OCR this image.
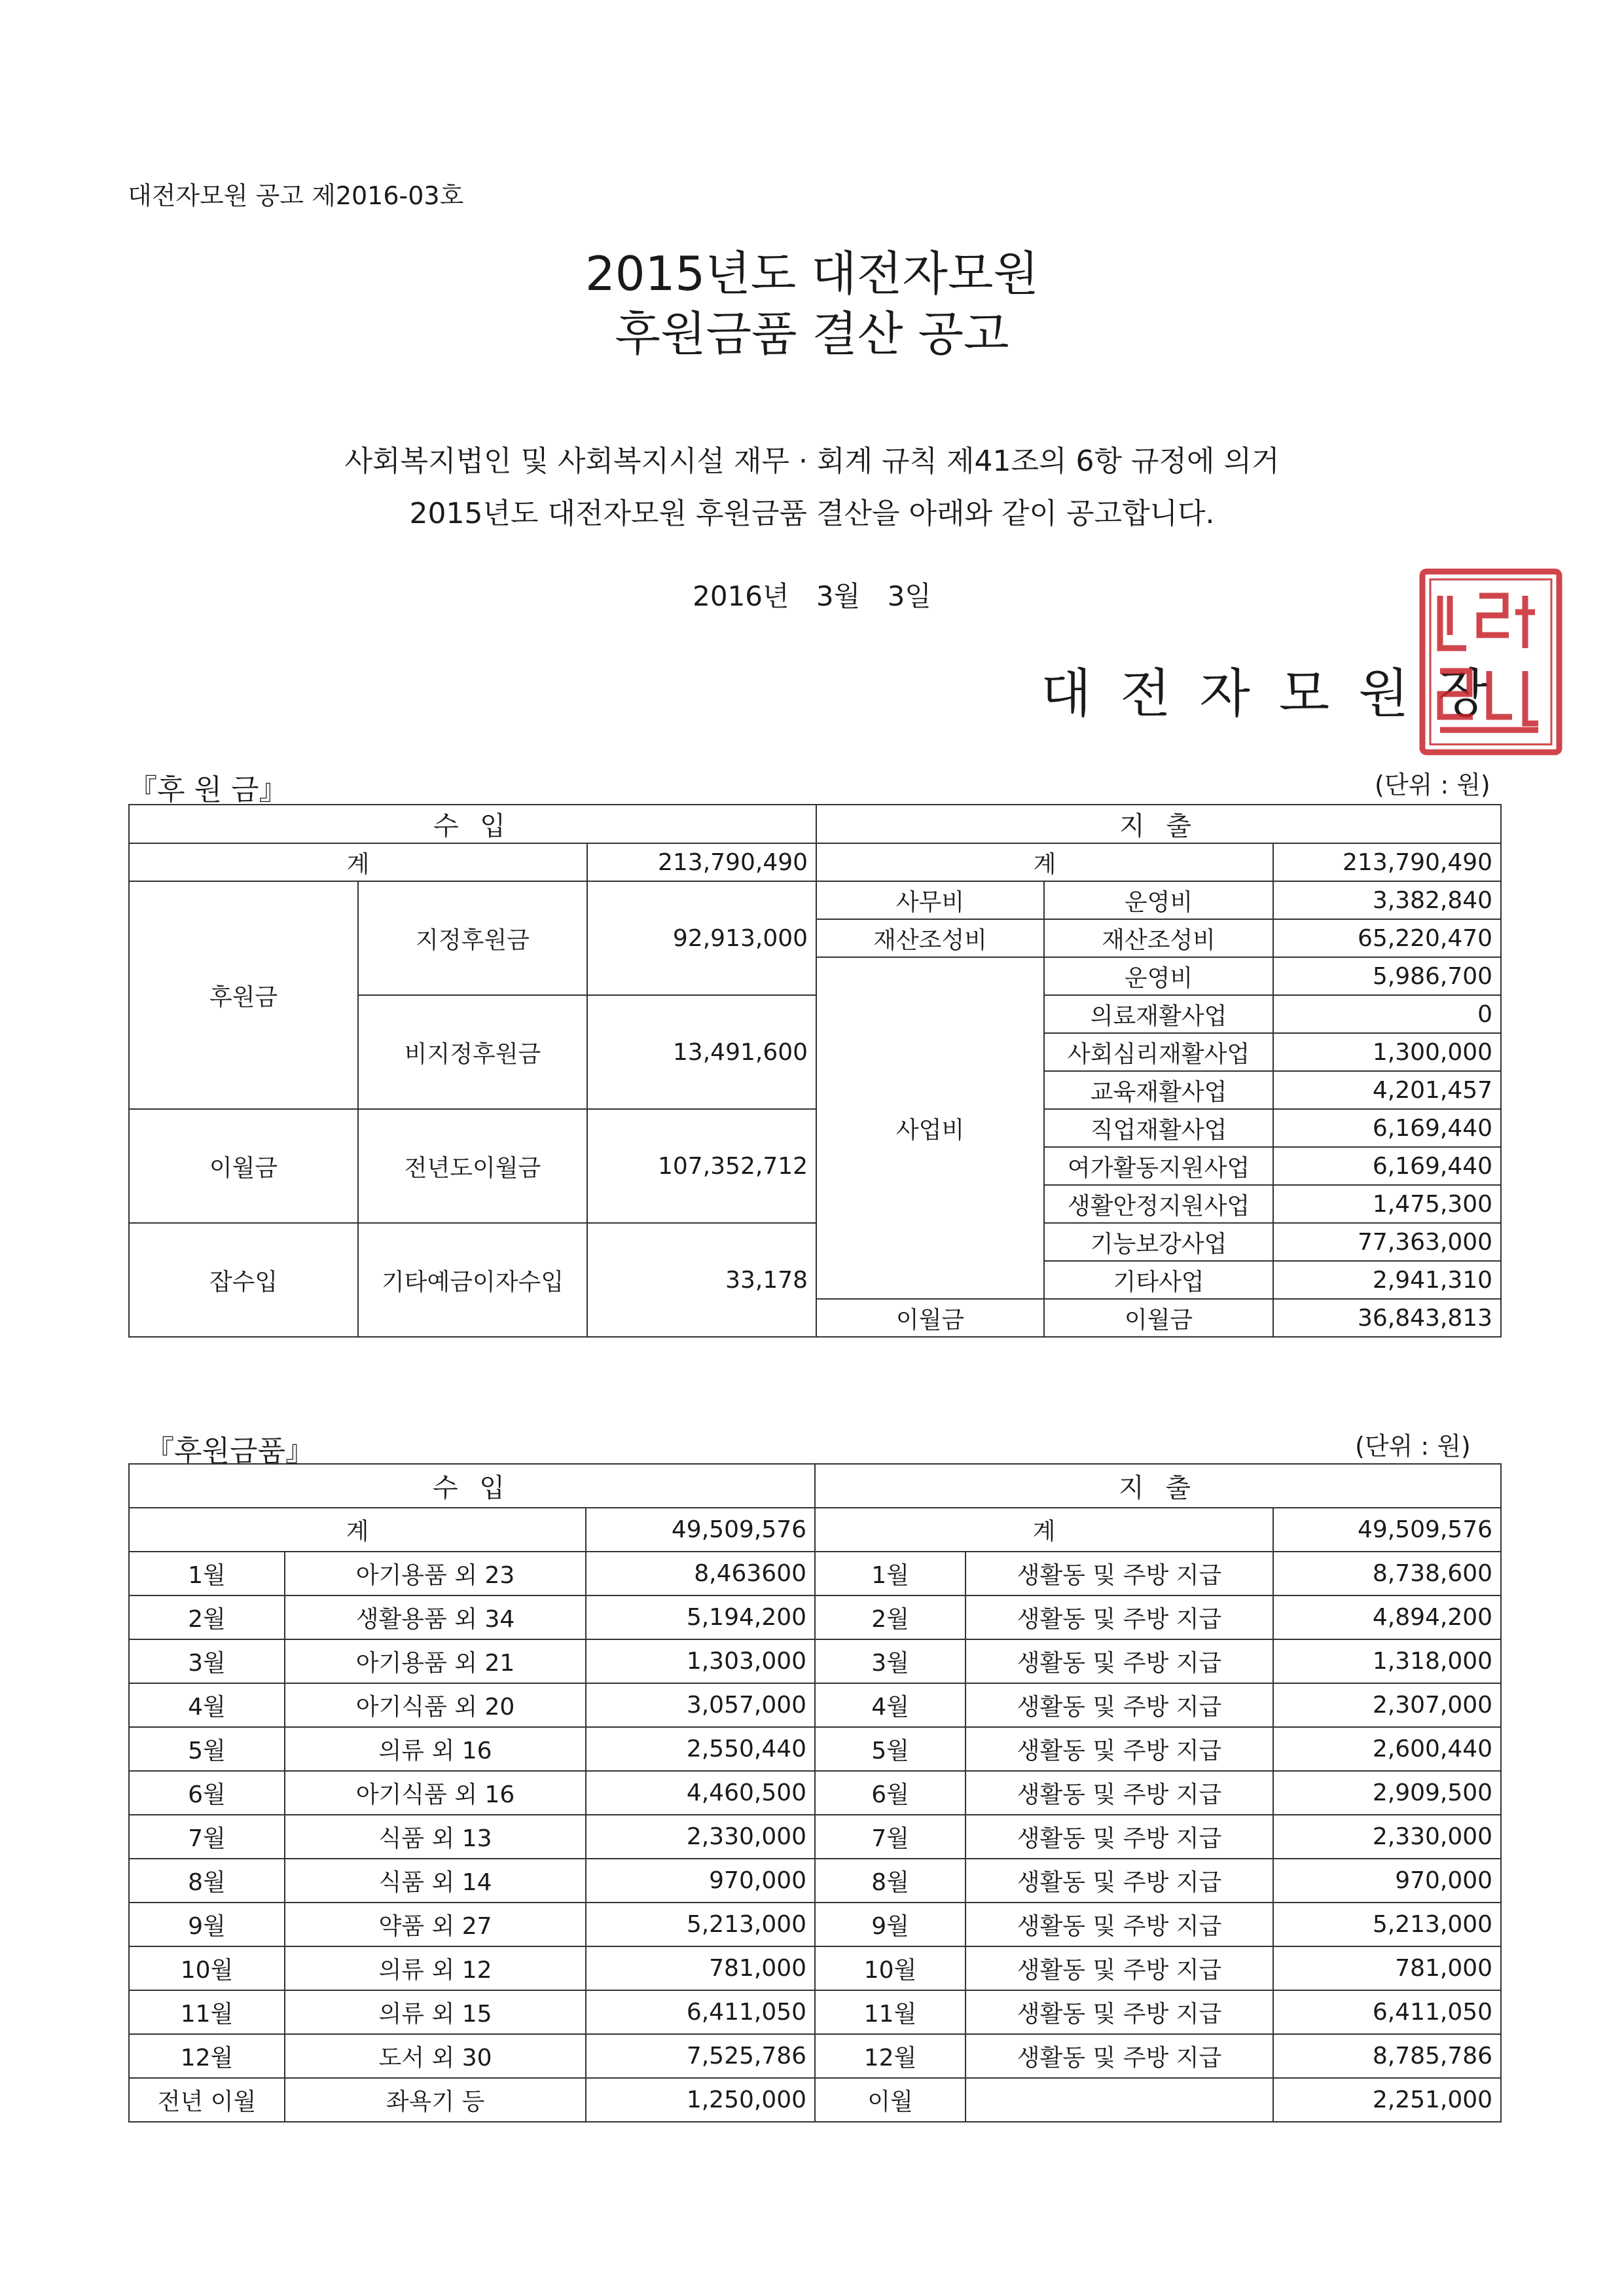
대전자모원 공고 제2016-03호
2015년도 대전자모원
후원금품 결산 공고
사회복지법인 및 사회복지시설 재무 · 회계 규칙 제41조의 6항 규정에 의거
2015년도 대전자모원 후원금품 결산을 아래와 같이 공고합니다.
2016년 3월 3일
대전자모원장
『후 원 금』	(단위 : 원)
수 입			지 출		
계		213,790,490	계		213,790,490
후원금	지정후원금	92,913,000	사무비	운영비	3,382,840
			재산조성비	재산조성비	65,220,470
			사업비	운영비	5,986,700
	비지정후원금	13,491,600		의료재활사업	0
				사회심리재활사업	1,300,000
				교육재활사업	4,201,457
이월금	전년도이월금	107,352,712		직업재활사업	6,169,440
				여가활동지원사업	6,169,440
				생활안정지원사업	1,475,300
잡수입	기타예금이자수입	33,178		기능보강사업	77,363,000
				기타사업	2,941,310
			이월금	이월금	36,843,813
『후원금품』	(단위 : 원)
수 입			지 출		
계		49,509,576	계		49,509,576
1월	아기용품 외 23	8,463600	1월	생활동 및 주방 지급	8,738,600
2월	생활용품 외 34	5,194,200	2월	생활동 및 주방 지급	4,894,200
3월	아기용품 외 21	1,303,000	3월	생활동 및 주방 지급	1,318,000
4월	아기식품 외 20	3,057,000	4월	생활동 및 주방 지급	2,307,000
5월	의류 외 16	2,550,440	5월	생활동 및 주방 지급	2,600,440
6월	아기식품 외 16	4,460,500	6월	생활동 및 주방 지급	2,909,500
7월	식품 외 13	2,330,000	7월	생활동 및 주방 지급	2,330,000
8월	식품 외 14	970,000	8월	생활동 및 주방 지급	970,000
9월	약품 외 27	5,213,000	9월	생활동 및 주방 지급	5,213,000
10월	의류 외 12	781,000	10월	생활동 및 주방 지급	781,000
11월	의류 외 15	6,411,050	11월	생활동 및 주방 지급	6,411,050
12월	도서 외 30	7,525,786	12월	생활동 및 주방 지급	8,785,786
전년 이월	좌욕기 등	1,250,000	이월		2,251,000
